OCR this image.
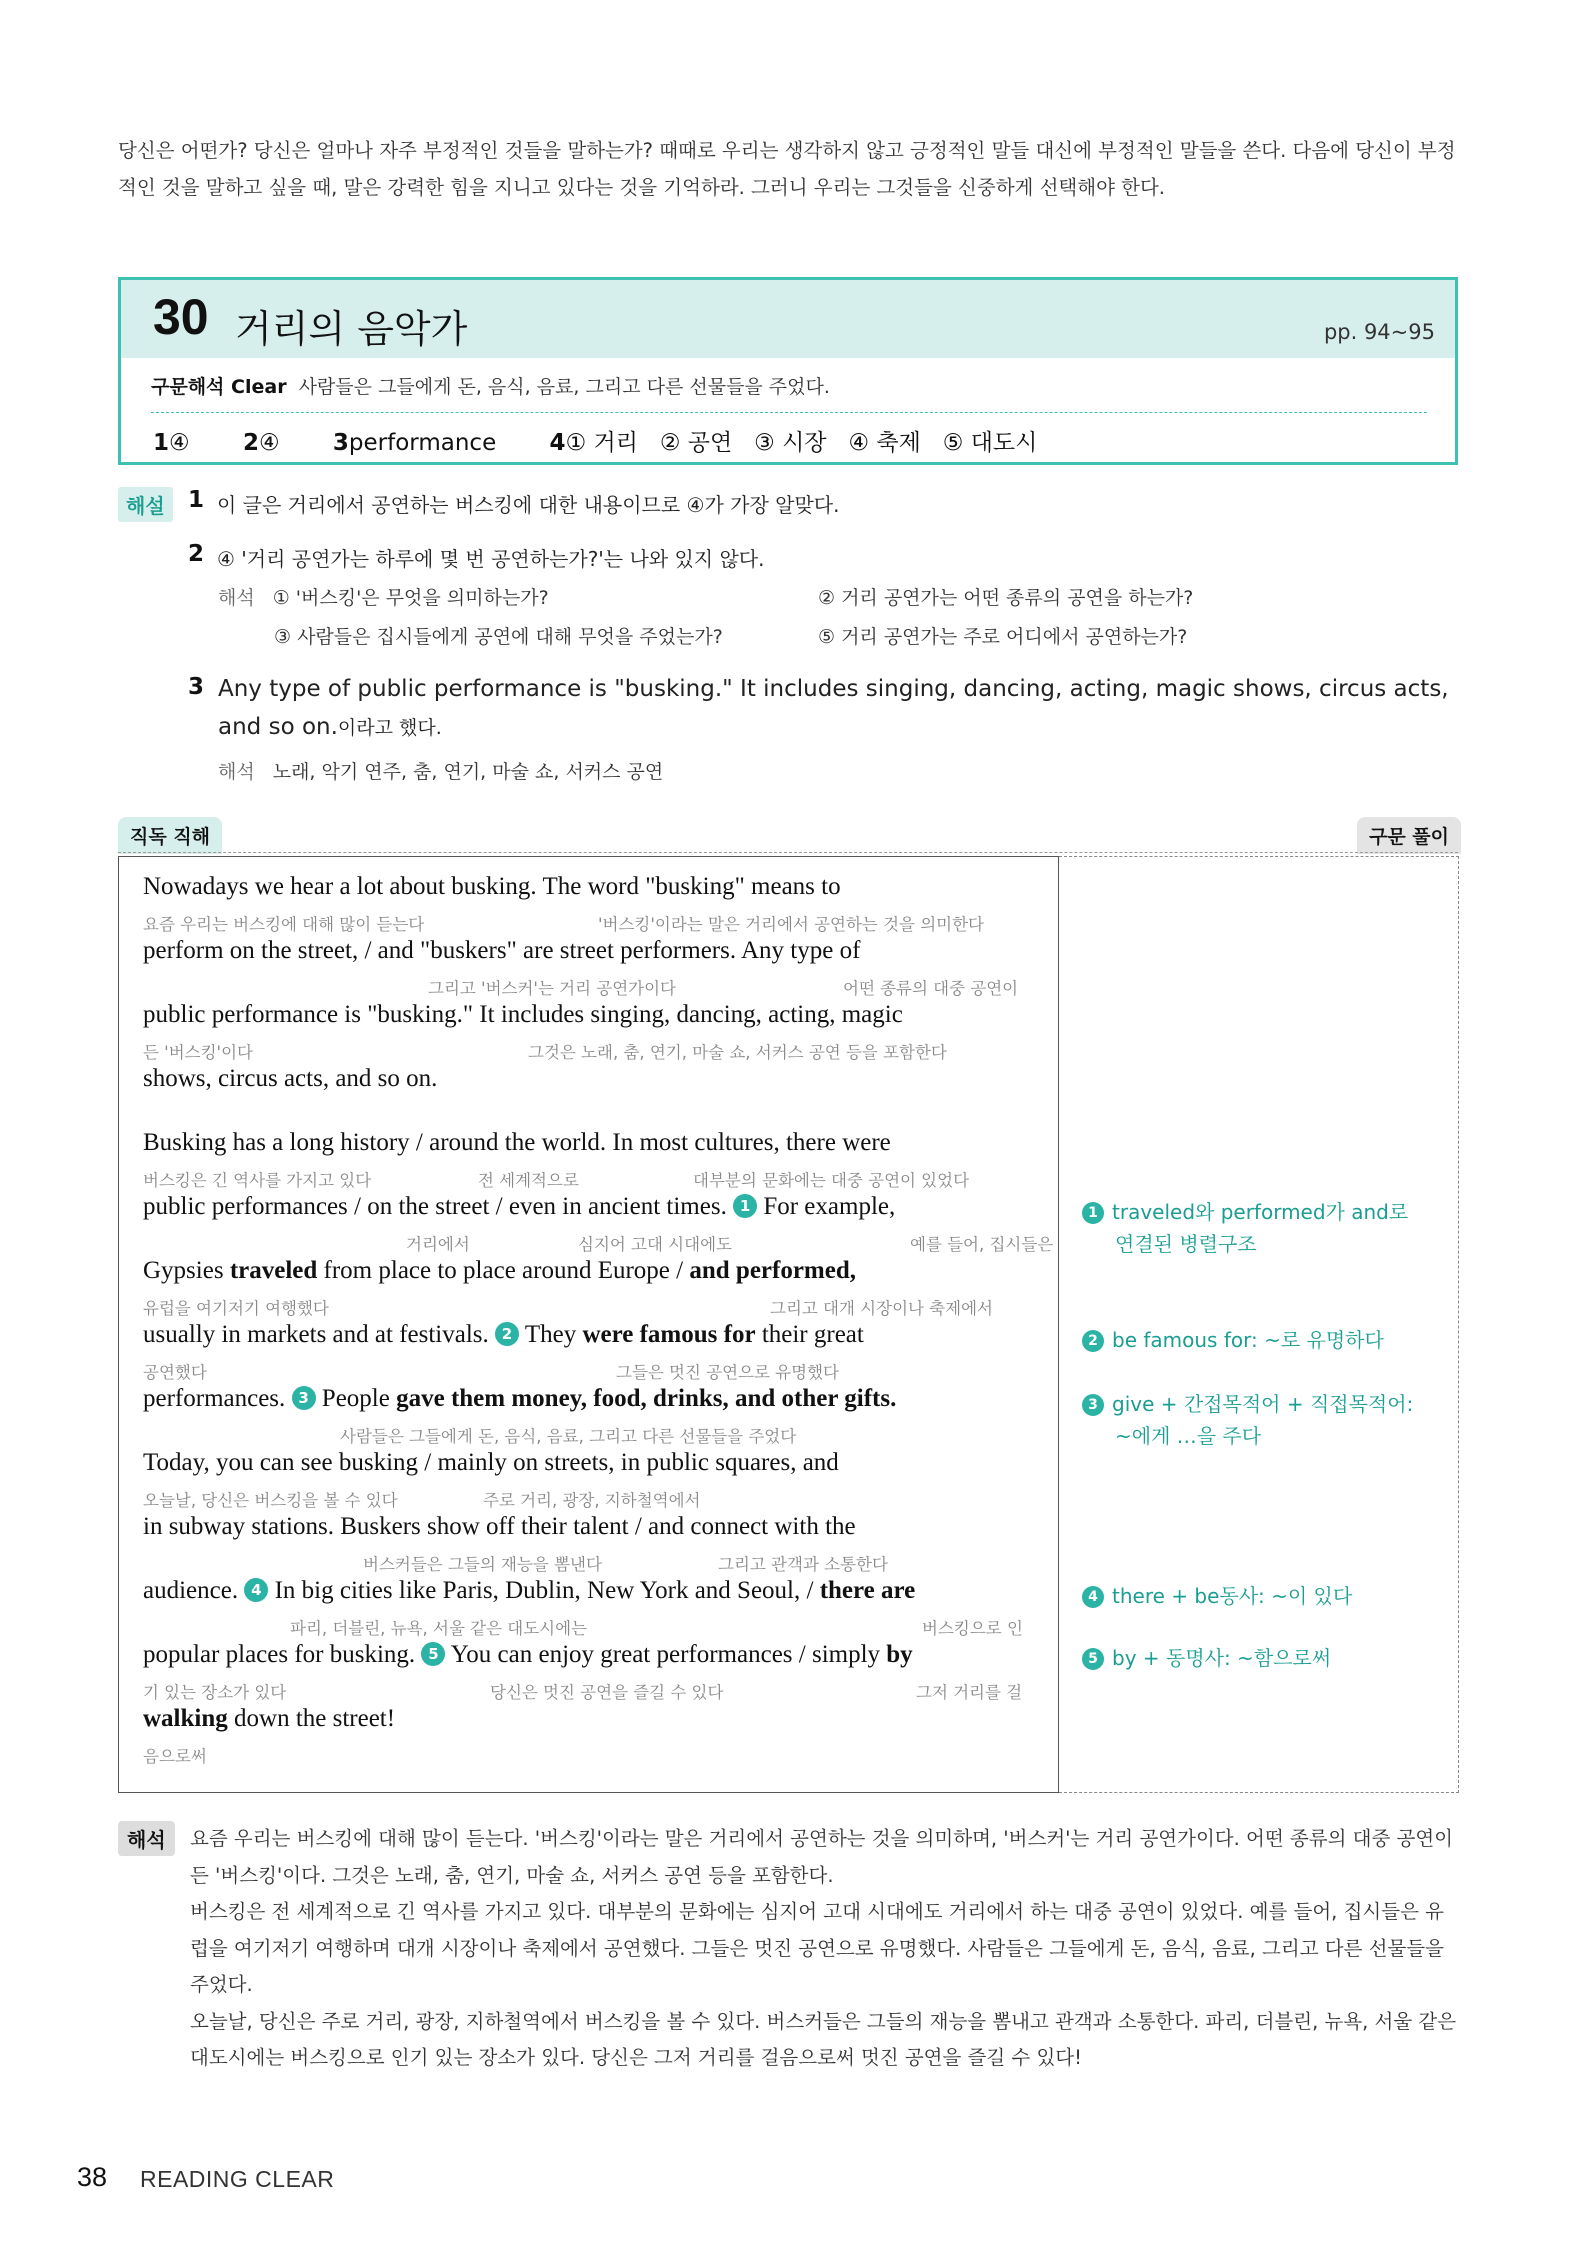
당신은 어떤가? 당신은 얼마나 자주 부정적인 것들을 말하는가? 때때로 우리는 생각하지 않고 긍정적인 말들 대신에 부정적인 말들을 쓴다. 다음에 당신이 부정적인 것을 말하고 싶을 때, 말은 강력한 힘을 지니고 있다는 것을 기억하라. 그러니 우리는 그것들을 신중하게 선택해야 한다.
30 거리의 음악가	pp. 94~95
구문해석 Clear 사람들은 그들에게 돈, 음식, 음료, 그리고 다른 선물들을 주었다.
1④ 2④ 3performance 4① 거리   ② 공연   ③ 시장   ④ 축제   ⑤ 대도시
해설	1 이 글은 거리에서 공연하는 버스킹에 대한 내용이므로 ④가 가장 알맞다.
2 ④ '거리 공연가는 하루에 몇 번 공연하는가?'는 나와 있지 않다.
해석 ① '버스킹'은 무엇을 의미하는가?	② 거리 공연가는 어떤 종류의 공연을 하는가?
③ 사람들은 집시들에게 공연에 대해 무엇을 주었는가?	⑤ 거리 공연가는 주로 어디에서 공연하는가?
3 Any type of public performance is "busking." It includes singing, dancing, acting, magic shows, circus acts,
and so on.이라고 했다.
해석 노래, 악기 연주, 춤, 연기, 마술 쇼, 서커스 공연
직독 직해	구문 풀이
Nowadays we hear a lot about busking. The word "busking" means to
요즘 우리는 버스킹에 대해 많이 듣는다	'버스킹'이라는 말은 거리에서 공연하는 것을 의미한다
perform on the street, / and "buskers" are street performers. Any type of
그리고 '버스커'는 거리 공연가이다	어떤 종류의 대중 공연이
public performance is "busking." It includes singing, dancing, acting, magic
든 '버스킹'이다	그것은 노래, 춤, 연기, 마술 쇼, 서커스 공연 등을 포함한다
shows, circus acts, and so on.
Busking has a long history / around the world. In most cultures, there were
버스킹은 긴 역사를 가지고 있다	전 세계적으로	대부분의 문화에는 대중 공연이 있었다
public performances / on the street / even in ancient times. 1 For example,
거리에서	심지어 고대 시대에도	예를 들어, 집시들은
Gypsies traveled from place to place around Europe / and performed,
유럽을 여기저기 여행했다	그리고 대개 시장이나 축제에서
usually in markets and at festivals. 2 They were famous for their great
공연했다	그들은 멋진 공연으로 유명했다
performances. 3 People gave them money, food, drinks, and other gifts.
사람들은 그들에게 돈, 음식, 음료, 그리고 다른 선물들을 주었다
Today, you can see busking / mainly on streets, in public squares, and
오늘날, 당신은 버스킹을 볼 수 있다	주로 거리, 광장, 지하철역에서
in subway stations. Buskers show off their talent / and connect with the
버스커들은 그들의 재능을 뽐낸다	그리고 관객과 소통한다
audience. 4 In big cities like Paris, Dublin, New York and Seoul, / there are
파리, 더블린, 뉴욕, 서울 같은 대도시에는	버스킹으로 인
popular places for busking. 5 You can enjoy great performances / simply by
기 있는 장소가 있다	당신은 멋진 공연을 즐길 수 있다	그저 거리를 걸
walking down the street!
음으로써
1 traveled와 performed가 and로
연결된 병렬구조
2 be famous for: ~로 유명하다
3 give + 간접목적어 + 직접목적어:
~에게 …을 주다
4 there + be동사: ~이 있다
5 by + 동명사: ~함으로써
해석	요즘 우리는 버스킹에 대해 많이 듣는다. '버스킹'이라는 말은 거리에서 공연하는 것을 의미하며, '버스커'는 거리 공연가이다. 어떤 종류의 대중 공연이든 '버스킹'이다. 그것은 노래, 춤, 연기, 마술 쇼, 서커스 공연 등을 포함한다.

버스킹은 전 세계적으로 긴 역사를 가지고 있다. 대부분의 문화에는 심지어 고대 시대에도 거리에서 하는 대중 공연이 있었다. 예를 들어, 집시들은 유럽을 여기저기 여행하며 대개 시장이나 축제에서 공연했다. 그들은 멋진 공연으로 유명했다. 사람들은 그들에게 돈, 음식, 음료, 그리고 다른 선물들을 주었다.

오늘날, 당신은 주로 거리, 광장, 지하철역에서 버스킹을 볼 수 있다. 버스커들은 그들의 재능을 뽐내고 관객과 소통한다. 파리, 더블린, 뉴욕, 서울 같은 대도시에는 버스킹으로 인기 있는 장소가 있다. 당신은 그저 거리를 걸음으로써 멋진 공연을 즐길 수 있다!

38 READING CLEAR
